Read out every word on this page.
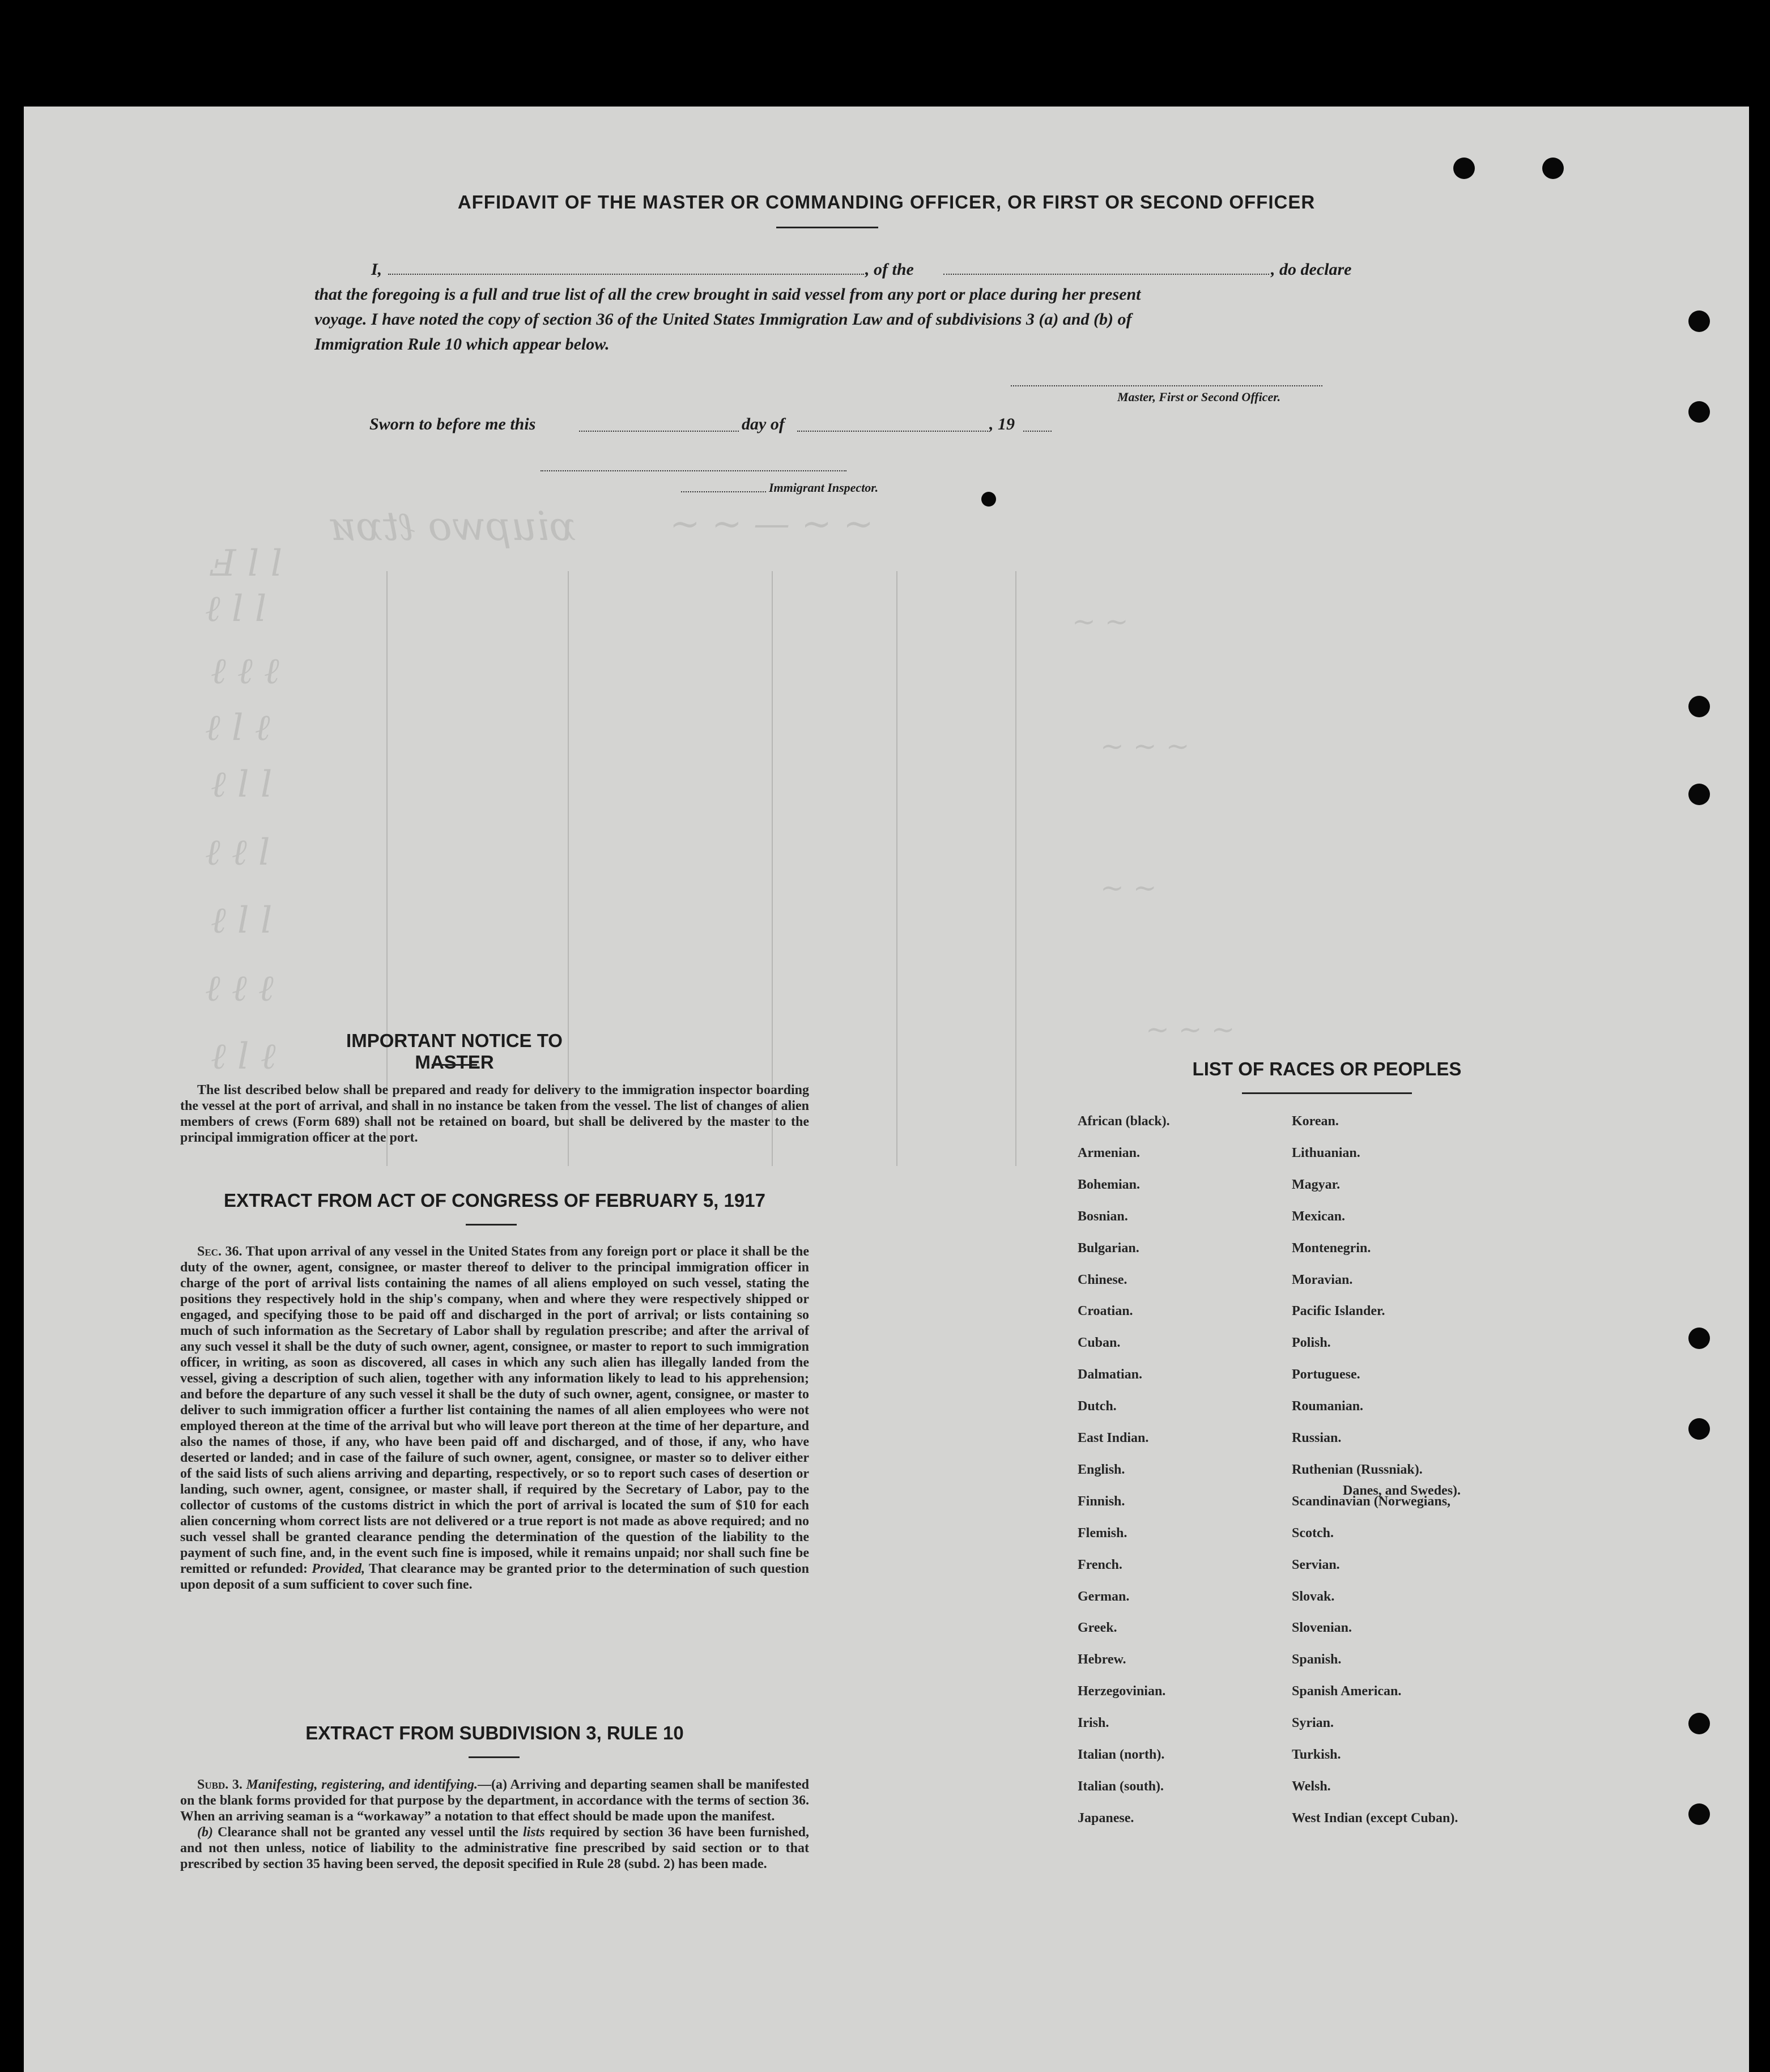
ɒiupwo ℓtɒᴎ	~ ~ — ~ ~
Ⅎ l l
ℓ l l
ℓ ℓ ℓ
ℓ l ℓ
ℓ l l
ℓ ℓ l
ℓ l l
ℓ ℓ ℓ
ℓ l ℓ
~ ~
~ ~ ~
~ ~
~ ~ ~
AFFIDAVIT OF THE MASTER OR COMMANDING OFFICER, OR FIRST OR SECOND OFFICER
I,	, of the	, do declare
that the foregoing is a full and true list of all the crew brought in said vessel from any port or place during her present
voyage. I have noted the copy of section 36 of the United States Immigration Law and of subdivisions 3 (a) and (b) of
Immigration Rule 10 which appear below.
Master, First or Second Officer.
Sworn to before me this	day of	, 19
Immigrant Inspector.
IMPORTANT NOTICE TO MASTER

The list described below shall be prepared and ready for delivery to the immigration inspector boarding the vessel at the port of arrival, and shall in no instance be taken from the vessel. The list of changes of alien members of crews (Form 689) shall not be retained on board, but shall be delivered by the master to the principal immigration officer at the port.

EXTRACT FROM ACT OF CONGRESS OF FEBRUARY 5, 1917

Sec. 36. That upon arrival of any vessel in the United States from any foreign port or place it shall be the duty of the owner, agent, consignee, or master thereof to deliver to the principal immigration officer in charge of the port of arrival lists containing the names of all aliens employed on such vessel, stating the positions they respectively hold in the ship's company, when and where they were respectively shipped or engaged, and specifying those to be paid off and discharged in the port of arrival; or lists containing so much of such information as the Secretary of Labor shall by regulation prescribe; and after the arrival of any such vessel it shall be the duty of such owner, agent, consignee, or master to report to such immigration officer, in writing, as soon as discovered, all cases in which any such alien has illegally landed from the vessel, giving a description of such alien, together with any information likely to lead to his apprehension; and before the departure of any such vessel it shall be the duty of such owner, agent, consignee, or master to deliver to such immigration officer a further list containing the names of all alien employees who were not employed thereon at the time of the arrival but who will leave port thereon at the time of her departure, and also the names of those, if any, who have been paid off and discharged, and of those, if any, who have deserted or landed; and in case of the failure of such owner, agent, consignee, or master so to deliver either of the said lists of such aliens arriving and departing, respectively, or so to report such cases of desertion or landing, such owner, agent, consignee, or master shall, if required by the Secretary of Labor, pay to the collector of customs of the customs district in which the port of arrival is located the sum of $10 for each alien concerning whom correct lists are not delivered or a true report is not made as above required; and no such vessel shall be granted clearance pending the determination of the question of the liability to the payment of such fine, and, in the event such fine is imposed, while it remains unpaid; nor shall such fine be remitted or refunded: Provided, That clearance may be granted prior to the determination of such question upon deposit of a sum sufficient to cover such fine.

EXTRACT FROM SUBDIVISION 3, RULE 10

Subd. 3. Manifesting, registering, and identifying.—(a) Arriving and departing seamen shall be manifested on the blank forms provided for that purpose by the department, in accordance with the terms of section 36. When an arriving seaman is a “workaway” a notation to that effect should be made upon the manifest.

(b) Clearance shall not be granted any vessel until the lists required by section 36 have been furnished, and not then unless, notice of liability to the administrative fine prescribed by said section or to that prescribed by section 35 having been served, the deposit specified in Rule 28 (subd. 2) has been made.

LIST OF RACES OR PEOPLES
Danes, and Swedes).
African (black).
Armenian.
Bohemian.
Bosnian.
Bulgarian.
Chinese.
Croatian.
Cuban.
Dalmatian.
Dutch.
East Indian.
English.
Finnish.
Flemish.
French.
German.
Greek.
Hebrew.
Herzegovinian.
Irish.
Italian (north).
Italian (south).
Japanese.
Korean.
Lithuanian.
Magyar.
Mexican.
Montenegrin.
Moravian.
Pacific Islander.
Polish.
Portuguese.
Roumanian.
Russian.
Ruthenian (Russniak).
Scandinavian (Norwegians,
Scotch.
Servian.
Slovak.
Slovenian.
Spanish.
Spanish American.
Syrian.
Turkish.
Welsh.
West Indian (except Cuban).
